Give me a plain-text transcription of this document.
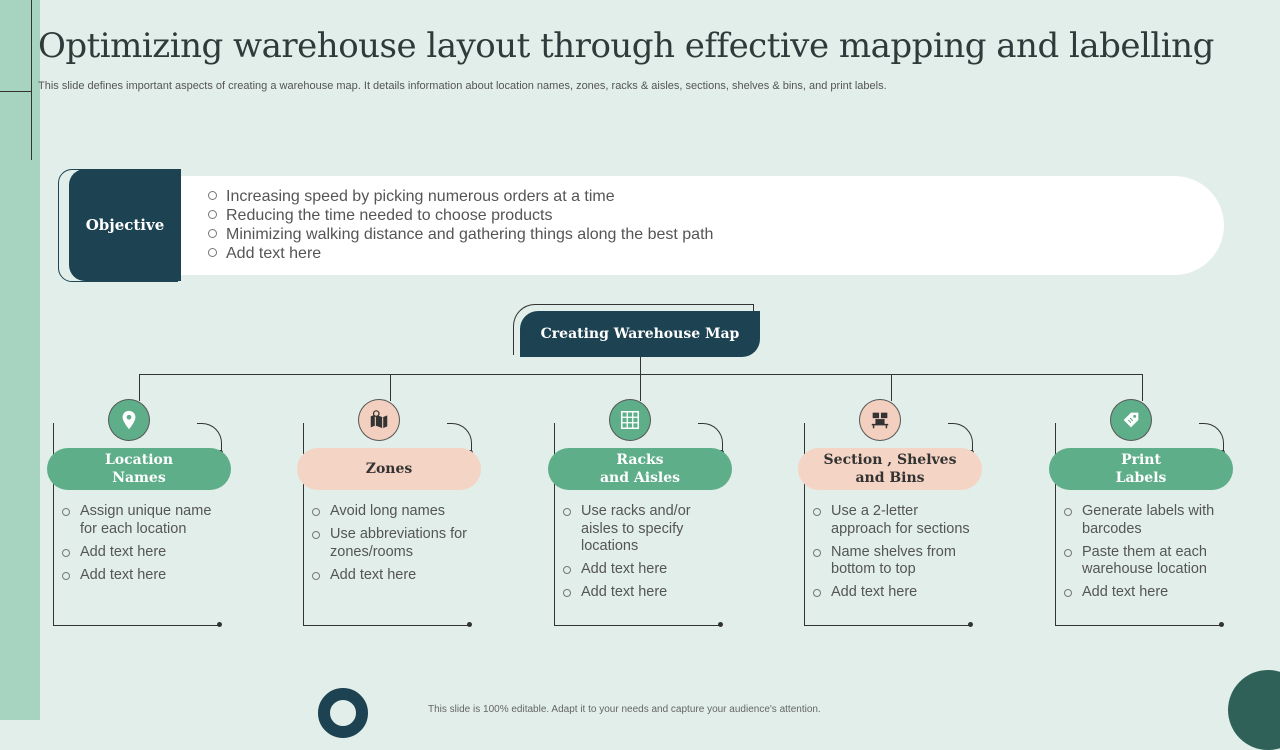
Optimizing warehouse layout through effective mapping and labelling
This slide defines important aspects of creating a warehouse map. It details information about location names, zones, racks & aisles, sections, shelves & bins, and print labels.
Objective
Increasing speed by picking numerous orders at a time
Reducing the time needed to choose products
Minimizing walking distance and gathering things along the best path
Add text here
Creating Warehouse Map
Location
Names
Assign unique name for each location
Add text here
Add text here
Zones
Avoid long names
Use abbreviations for zones/rooms
Add text here
Racks
and Aisles
Use racks and/or aisles to specify locations
Add text here
Add text here
Section , Shelves
and Bins
Use a 2-letter approach for sections
Name shelves from bottom to top
Add text here
Print
Labels
Generate labels with barcodes
Paste them at each warehouse location
Add text here
This slide is 100% editable. Adapt it to your needs and capture your audience's attention.
